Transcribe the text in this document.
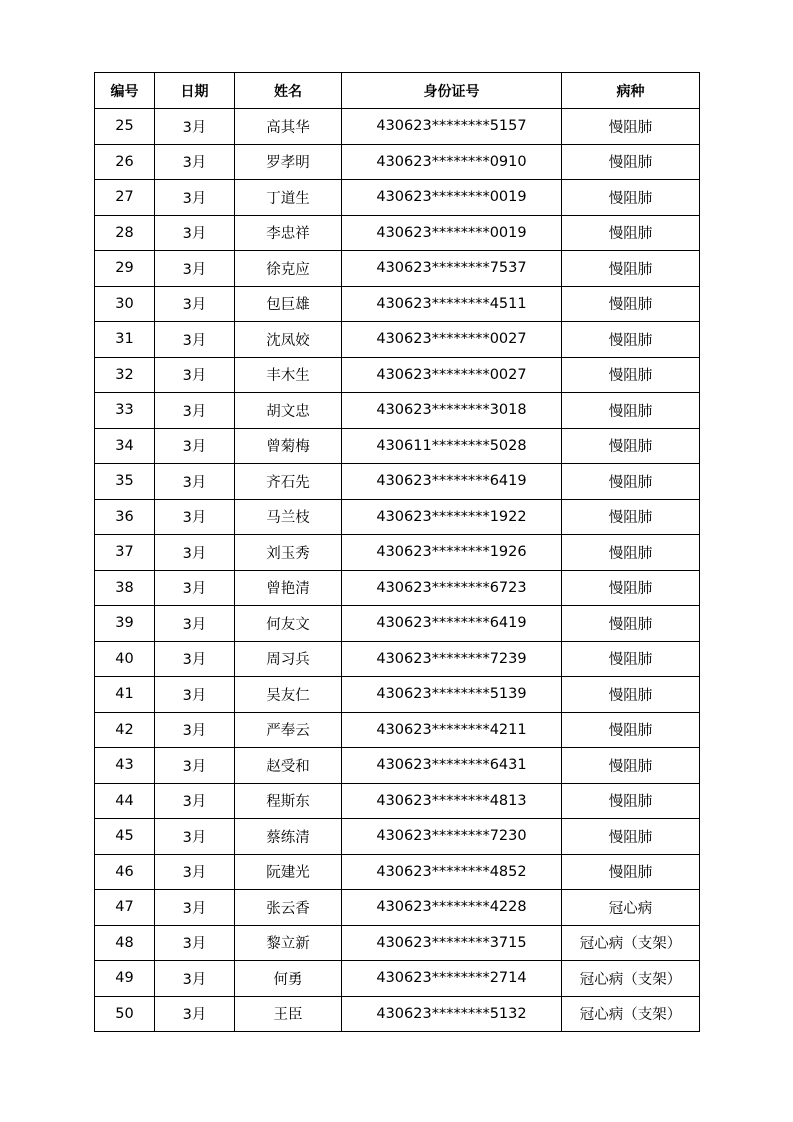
编号	日期	姓名	身份证号	病种
25	3月	高其华	430623********5157	慢阻肺
26	3月	罗孝明	430623********0910	慢阻肺
27	3月	丁道生	430623********0019	慢阻肺
28	3月	李忠祥	430623********0019	慢阻肺
29	3月	徐克应	430623********7537	慢阻肺
30	3月	包巨雄	430623********4511	慢阻肺
31	3月	沈凤姣	430623********0027	慢阻肺
32	3月	丰木生	430623********0027	慢阻肺
33	3月	胡文忠	430623********3018	慢阻肺
34	3月	曾菊梅	430611********5028	慢阻肺
35	3月	齐石先	430623********6419	慢阻肺
36	3月	马兰枝	430623********1922	慢阻肺
37	3月	刘玉秀	430623********1926	慢阻肺
38	3月	曾艳清	430623********6723	慢阻肺
39	3月	何友文	430623********6419	慢阻肺
40	3月	周习兵	430623********7239	慢阻肺
41	3月	吴友仁	430623********5139	慢阻肺
42	3月	严奉云	430623********4211	慢阻肺
43	3月	赵受和	430623********6431	慢阻肺
44	3月	程斯东	430623********4813	慢阻肺
45	3月	蔡练清	430623********7230	慢阻肺
46	3月	阮建光	430623********4852	慢阻肺
47	3月	张云香	430623********4228	冠心病
48	3月	黎立新	430623********3715	冠心病（支架）
49	3月	何勇	430623********2714	冠心病（支架）
50	3月	王臣	430623********5132	冠心病（支架）
